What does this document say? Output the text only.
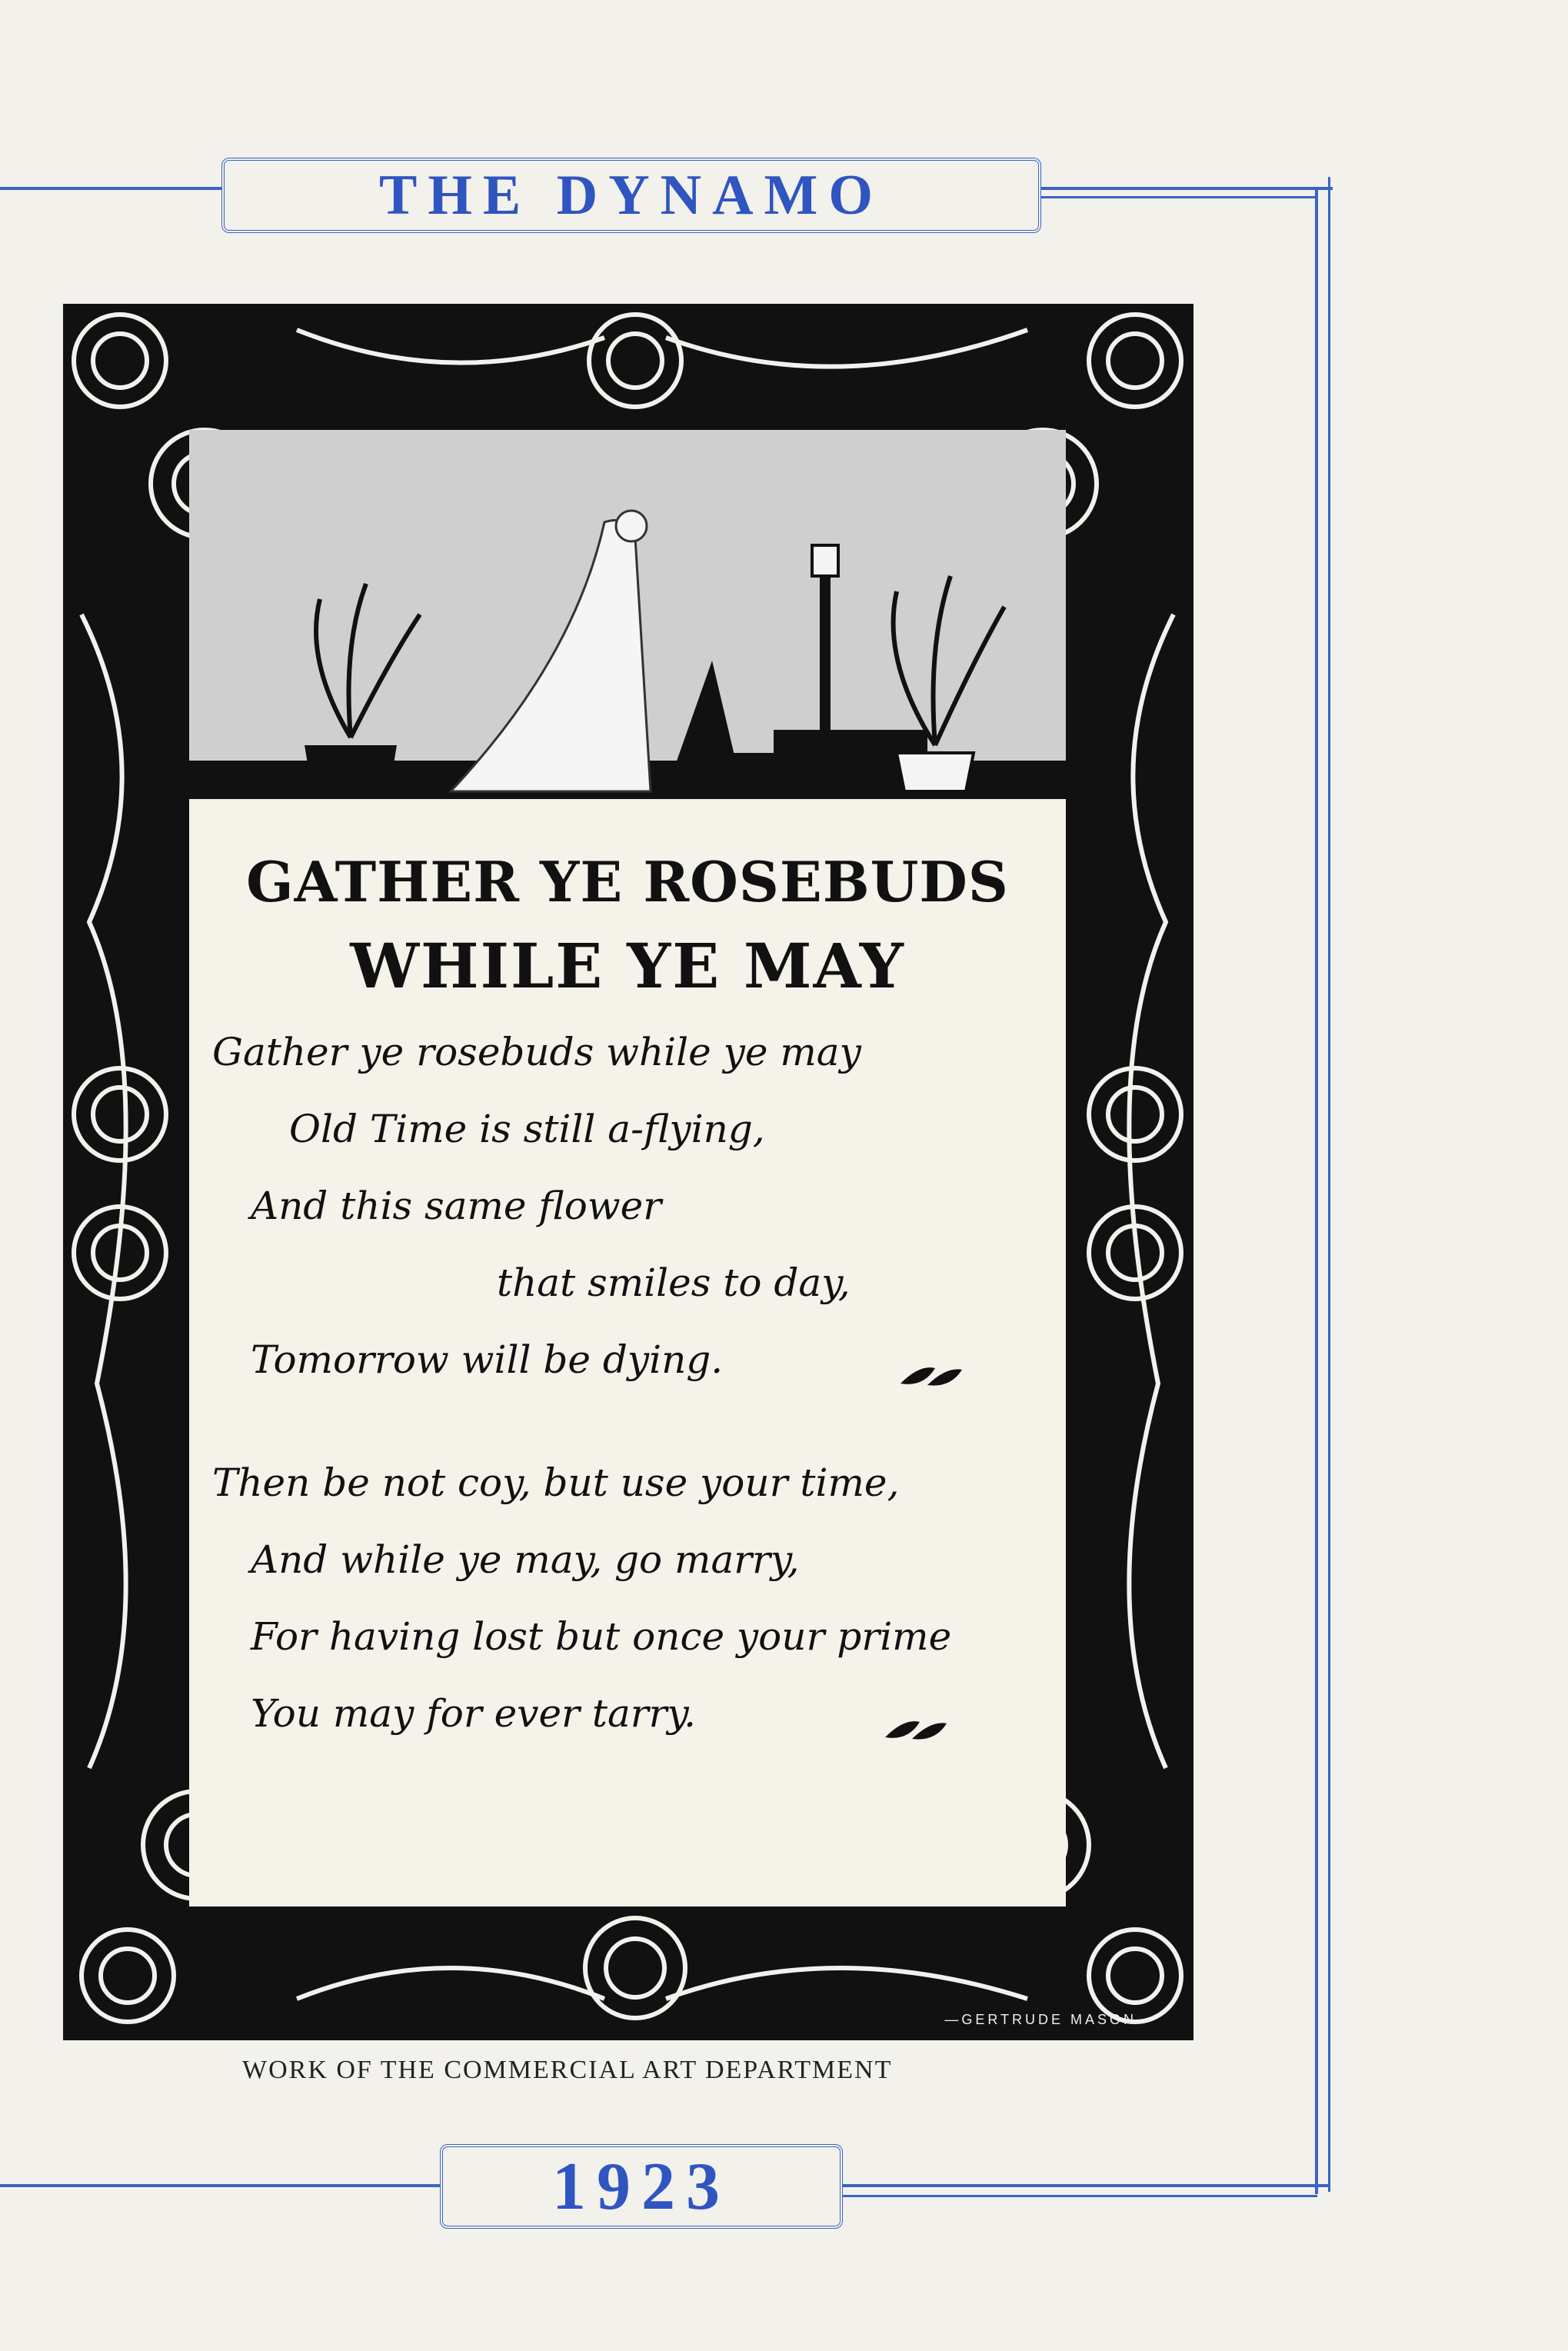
THE DYNAMO
GATHER YE ROSEBUDS
WHILE YE MAY
Gather ye rosebuds while ye may
Old Time is still a-flying,
And this same flower
that smiles to day,
Tomorrow will be dying.
Then be not coy, but use your time,
And while ye may, go marry,
For having lost but once your prime
You may for ever tarry.
—GERTRUDE MASON—
WORK OF THE COMMERCIAL ART DEPARTMENT
1923
